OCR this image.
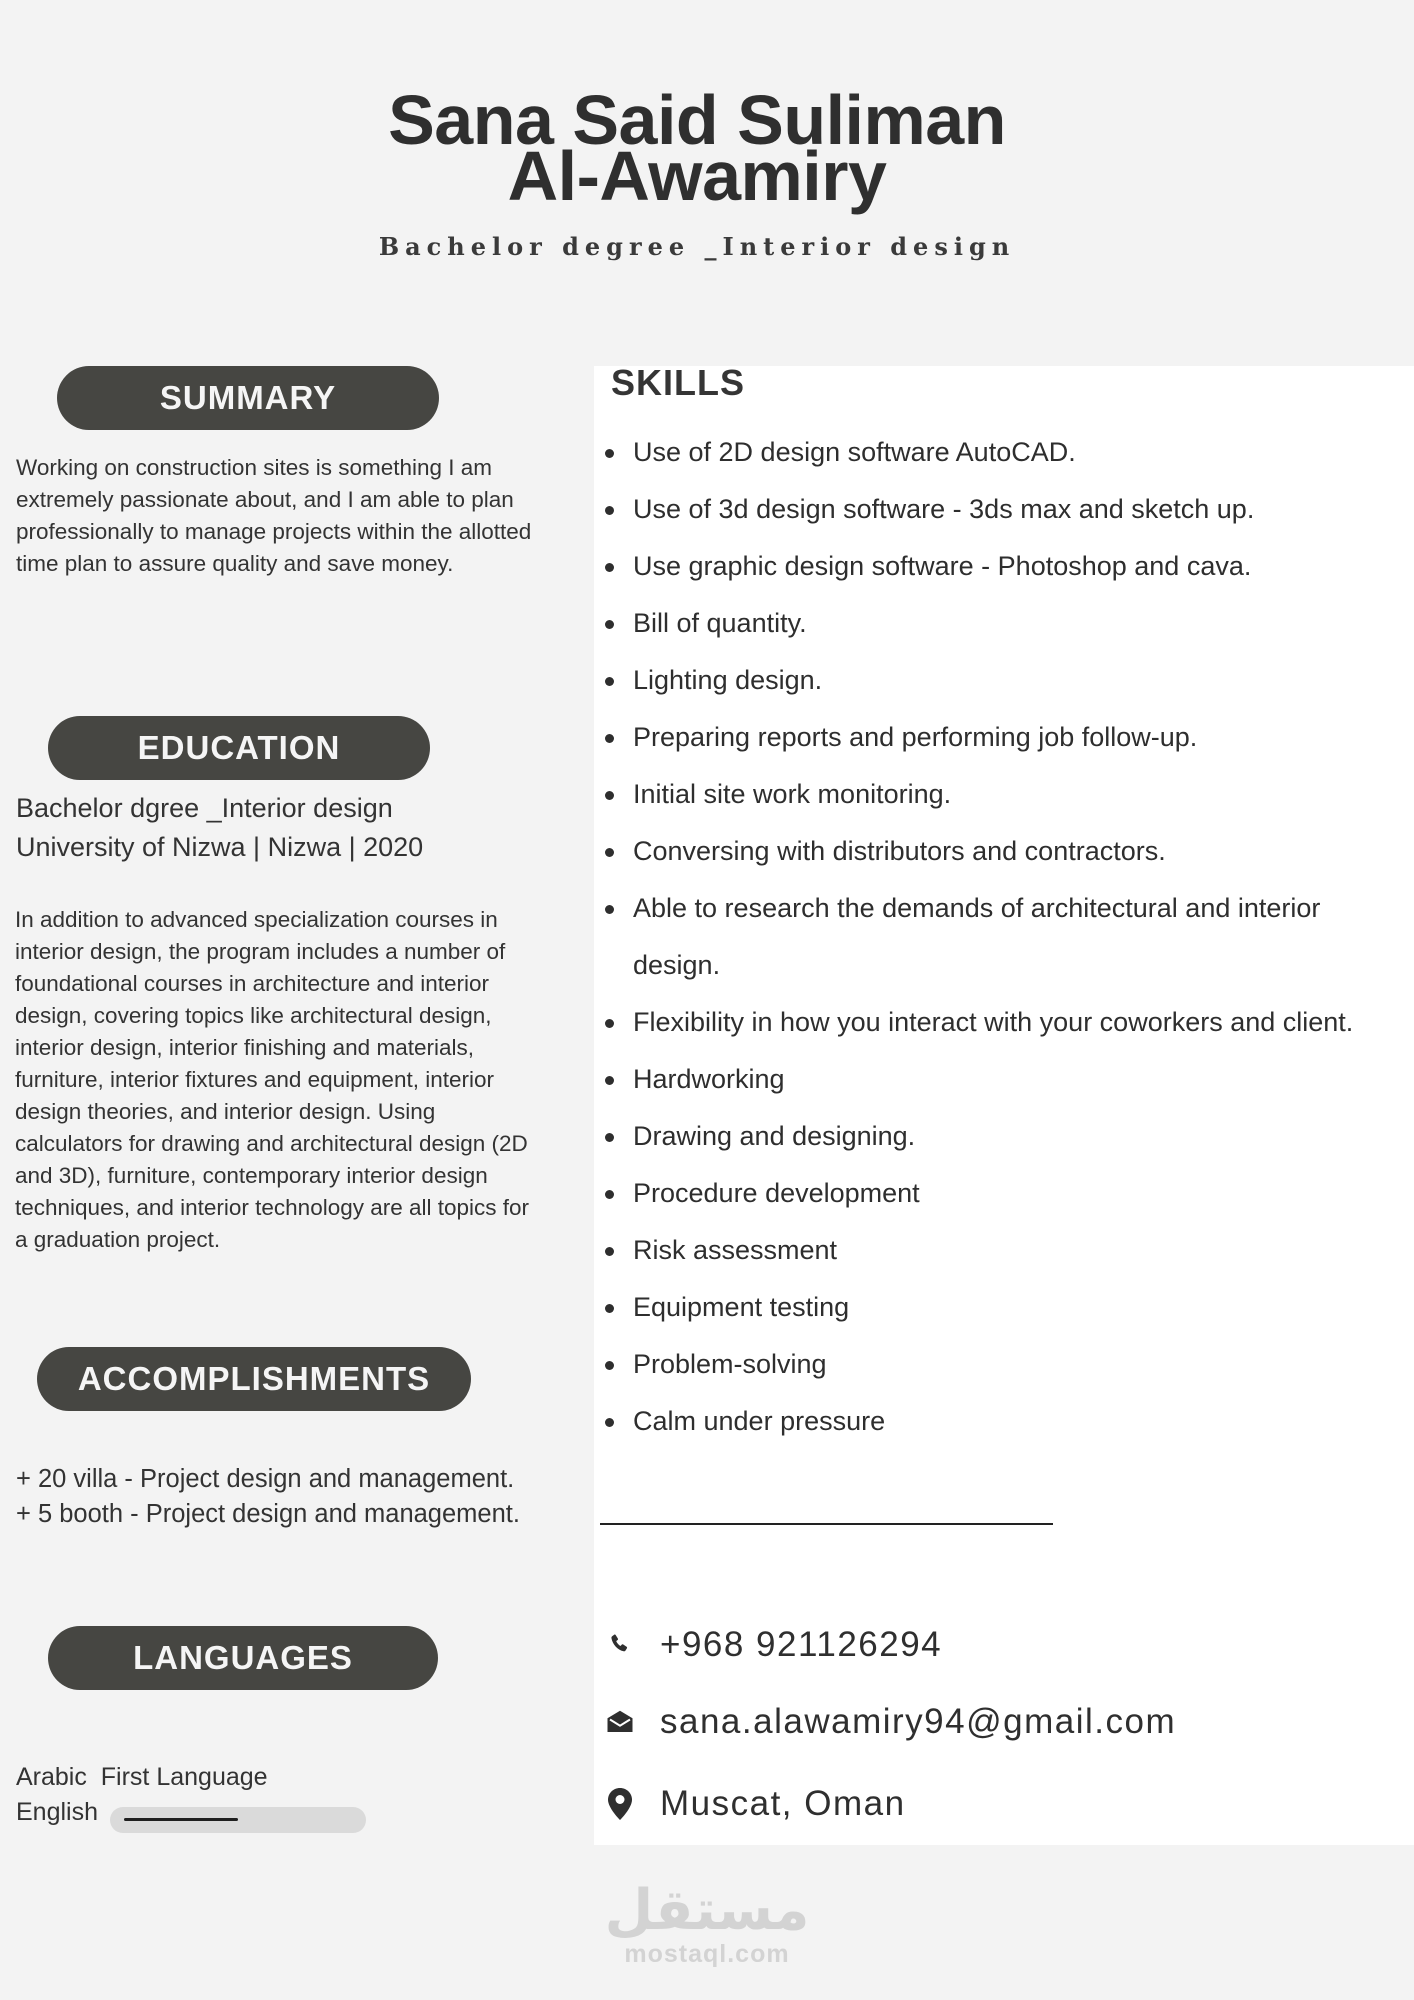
Sana Said Suliman
Al-Awamiry
Bachelor degree _Interior design
SUMMARY
Working on construction sites is something I am extremely passionate about, and I am able to plan professionally to manage projects within the allotted time plan to assure quality and save money.
EDUCATION
Bachelor dgree _Interior design
University of Nizwa | Nizwa | 2020
In addition to advanced specialization courses in interior design, the program includes a number of foundational courses in architecture and interior design, covering topics like architectural design, interior design, interior finishing and materials, furniture, interior fixtures and equipment, interior design theories, and interior design. Using calculators for drawing and architectural design (2D and 3D), furniture, contemporary interior design techniques, and interior technology are all topics for a graduation project.
ACCOMPLISHMENTS
+ 20 villa - Project design and management.
+ 5 booth - Project design and management.
LANGUAGES
Arabic First Language
English
SKILLS
Use of 2D design software AutoCAD.
Use of 3d design software - 3ds max and sketch up.
Use graphic design software - Photoshop and cava.
Bill of quantity.
Lighting design.
Preparing reports and performing job follow-up.
Initial site work monitoring.
Conversing with distributors and contractors.
Able to research the demands of architectural and interior design.
Flexibility in how you interact with your coworkers and client.
Hardworking
Drawing and designing.
Procedure development
Risk assessment
Equipment testing
Problem-solving
Calm under pressure
+968 921126294
sana.alawamiry94@gmail.com
Muscat, Oman
مستقل
mostaql.com
